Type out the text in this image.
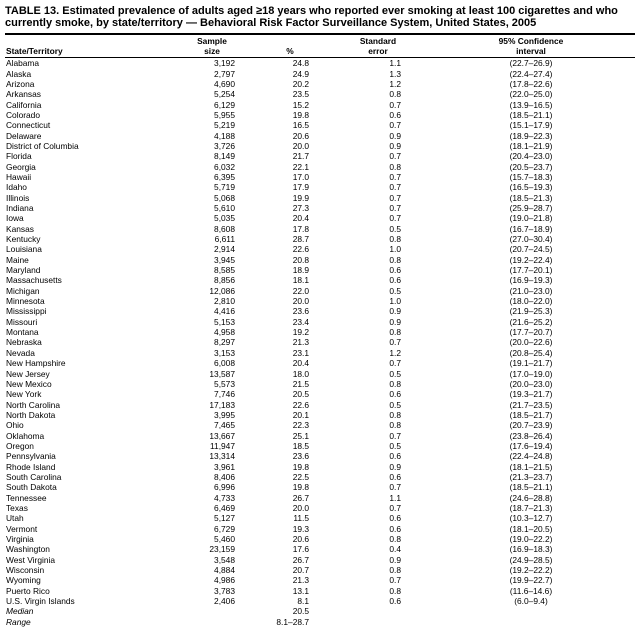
TABLE 13. Estimated prevalence of adults aged ≥18 years who reported ever smoking at least 100 cigarettes and who currently smoke, by state/territory — Behavioral Risk Factor Surveillance System, United States, 2005

State/Territory

Sample
size	%

Standard
error

95% Confidence
interval

Alabama	3,192	24.8	1.1	(22.7–26.9)
Alaska	2,797	24.9	1.3	(22.4–27.4)
Arizona	4,690	20.2	1.2	(17.8–22.6)
Arkansas	5,254	23.5	0.8	(22.0–25.0)
California	6,129	15.2	0.7	(13.9–16.5)
Colorado	5,955	19.8	0.6	(18.5–21.1)
Connecticut	5,219	16.5	0.7	(15.1–17.9)
Delaware	4,188	20.6	0.9	(18.9–22.3)
District of Columbia	3,726	20.0	0.9	(18.1–21.9)
Florida	8,149	21.7	0.7	(20.4–23.0)
Georgia	6,032	22.1	0.8	(20.5–23.7)
Hawaii	6,395	17.0	0.7	(15.7–18.3)
Idaho	5,719	17.9	0.7	(16.5–19.3)
Illinois	5,068	19.9	0.7	(18.5–21.3)
Indiana	5,610	27.3	0.7	(25.9–28.7)
Iowa	5,035	20.4	0.7	(19.0–21.8)
Kansas	8,608	17.8	0.5	(16.7–18.9)
Kentucky	6,611	28.7	0.8	(27.0–30.4)
Louisiana	2,914	22.6	1.0	(20.7–24.5)
Maine	3,945	20.8	0.8	(19.2–22.4)
Maryland	8,585	18.9	0.6	(17.7–20.1)
Massachusetts	8,856	18.1	0.6	(16.9–19.3)
Michigan	12,086	22.0	0.5	(21.0–23.0)
Minnesota	2,810	20.0	1.0	(18.0–22.0)
Mississippi	4,416	23.6	0.9	(21.9–25.3)
Missouri	5,153	23.4	0.9	(21.6–25.2)
Montana	4,958	19.2	0.8	(17.7–20.7)
Nebraska	8,297	21.3	0.7	(20.0–22.6)
Nevada	3,153	23.1	1.2	(20.8–25.4)
New Hampshire	6,008	20.4	0.7	(19.1–21.7)
New Jersey	13,587	18.0	0.5	(17.0–19.0)
New Mexico	5,573	21.5	0.8	(20.0–23.0)
New York	7,746	20.5	0.6	(19.3–21.7)
North Carolina	17,183	22.6	0.5	(21.7–23.5)
North Dakota	3,995	20.1	0.8	(18.5–21.7)
Ohio	7,465	22.3	0.8	(20.7–23.9)
Oklahoma	13,667	25.1	0.7	(23.8–26.4)
Oregon	11,947	18.5	0.5	(17.6–19.4)
Pennsylvania	13,314	23.6	0.6	(22.4–24.8)
Rhode Island	3,961	19.8	0.9	(18.1–21.5)
South Carolina	8,406	22.5	0.6	(21.3–23.7)
South Dakota	6,996	19.8	0.7	(18.5–21.1)
Tennessee	4,733	26.7	1.1	(24.6–28.8)
Texas	6,469	20.0	0.7	(18.7–21.3)
Utah	5,127	11.5	0.6	(10.3–12.7)
Vermont	6,729	19.3	0.6	(18.1–20.5)
Virginia	5,460	20.6	0.8	(19.0–22.2)
Washington	23,159	17.6	0.4	(16.9–18.3)
West Virginia	3,548	26.7	0.9	(24.9–28.5)
Wisconsin	4,884	20.7	0.8	(19.2–22.2)
Wyoming	4,986	21.3	0.7	(19.9–22.7)
Puerto Rico	3,783	13.1	0.8	(11.6–14.6)
U.S. Virgin Islands	2,406	8.1	0.6	(6.0–9.4)
Median		20.5		
Range		8.1–28.7		
